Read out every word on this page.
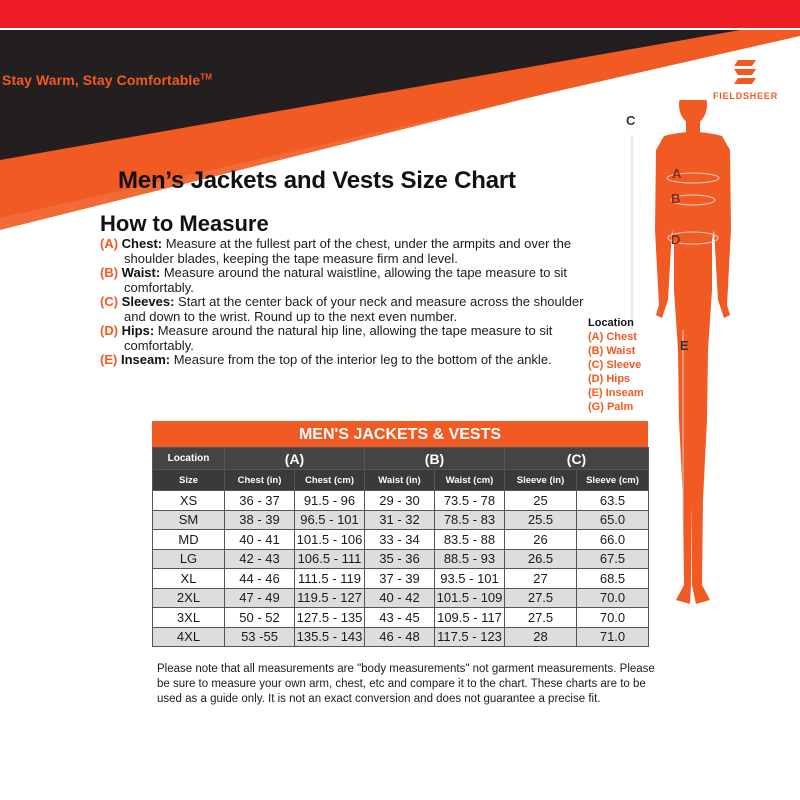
Stay Warm, Stay Comfortable™
FIELDSHEER
C
A
B
D
E
Men’s Jackets and Vests Size Chart
How to Measure

(A) Chest: Measure at the fullest part of the chest, under the armpits and over the shoulder blades, keeping the tape measure firm and level.

(B) Waist: Measure around the natural waistline, allowing the tape measure to sit comfortably.

(C) Sleeves: Start at the center back of your neck and measure across the shoulder and down to the wrist. Round up to the next even number.

(D) Hips: Measure around the natural hip line, allowing the tape measure to sit comfortably.

(E) Inseam: Measure from the top of the interior leg to the bottom of the ankle.

Location
(A) Chest
(B) Waist
(C) Sleeve
(D) Hips
(E) Inseam
(G) Palm
MEN'S JACKETS & VESTS
Location	(A)		(B)		(C)	
Size	Chest (in)	Chest (cm)	Waist (in)	Waist (cm)	Sleeve (in)	Sleeve (cm)
XS	36 - 37	91.5 - 96	29 - 30	73.5 - 78	25	63.5
SM	38 - 39	96.5 - 101	31 - 32	78.5 - 83	25.5	65.0
MD	40 - 41	101.5 - 106	33 - 34	83.5 - 88	26	66.0
LG	42 - 43	106.5 - 111	35 - 36	88.5 - 93	26.5	67.5
XL	44 - 46	111.5 - 119	37 - 39	93.5 - 101	27	68.5
2XL	47 - 49	119.5 - 127	40 - 42	101.5 - 109	27.5	70.0
3XL	50 - 52	127.5 - 135	43 - 45	109.5 - 117	27.5	70.0
4XL	53 -55	135.5 - 143	46 - 48	117.5 - 123	28	71.0
Please note that all measurements are "body measurements" not garment measurements. Please be sure to measure your own arm, chest, etc and compare it to the chart. These charts are to be used as a guide only. It is not an exact conversion and does not guarantee a precise fit.
